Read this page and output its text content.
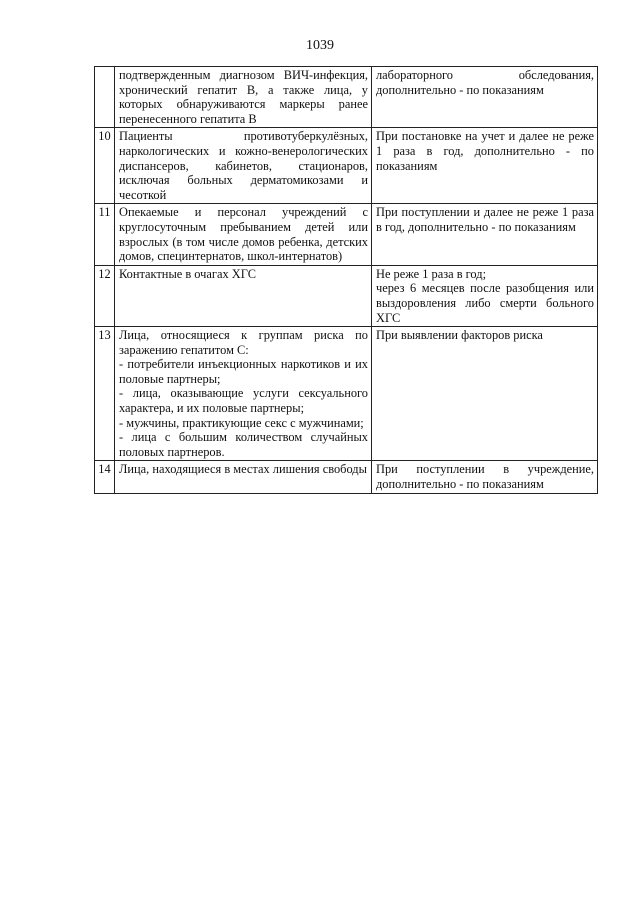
1039

	подтвержденным диагнозом ВИЧ-инфекция, хронический гепатит В, а также лица, у которых обнаруживаются маркеры ранее перенесенного гепатита В	лабораторного обследования, дополнительно - по показаниям

10	Пациенты противотуберкулёзных, наркологических и кожно-венерологических диспансеров, кабинетов, стационаров, исключая больных дерматомикозами и чесоткой	При постановке на учет и далее не реже 1 раза в год, дополнительно - по показаниям

11	Опекаемые и персонал учреждений с круглосуточным пребыванием детей или взрослых (в том числе домов ребенка, детских домов, специнтернатов, школ-интернатов)	При поступлении и далее не реже 1 раза в год, дополнительно - по показаниям

12	Контактные в очагах ХГС	Не реже 1 раза в год;
через 6 месяцев после разобщения или выздоровления либо смерти больного ХГС

13	Лица, относящиеся к группам риска по заражению гепатитом С:
- потребители инъекционных наркотиков и их половые партнеры;
- лица, оказывающие услуги сексуального характера, и их половые партнеры;
- мужчины, практикующие секс с мужчинами;
- лица с большим количеством случайных половых партнеров.	При выявлении факторов риска

14	Лица, находящиеся в местах лишения свободы	При поступлении в учреждение, дополнительно - по показаниям
